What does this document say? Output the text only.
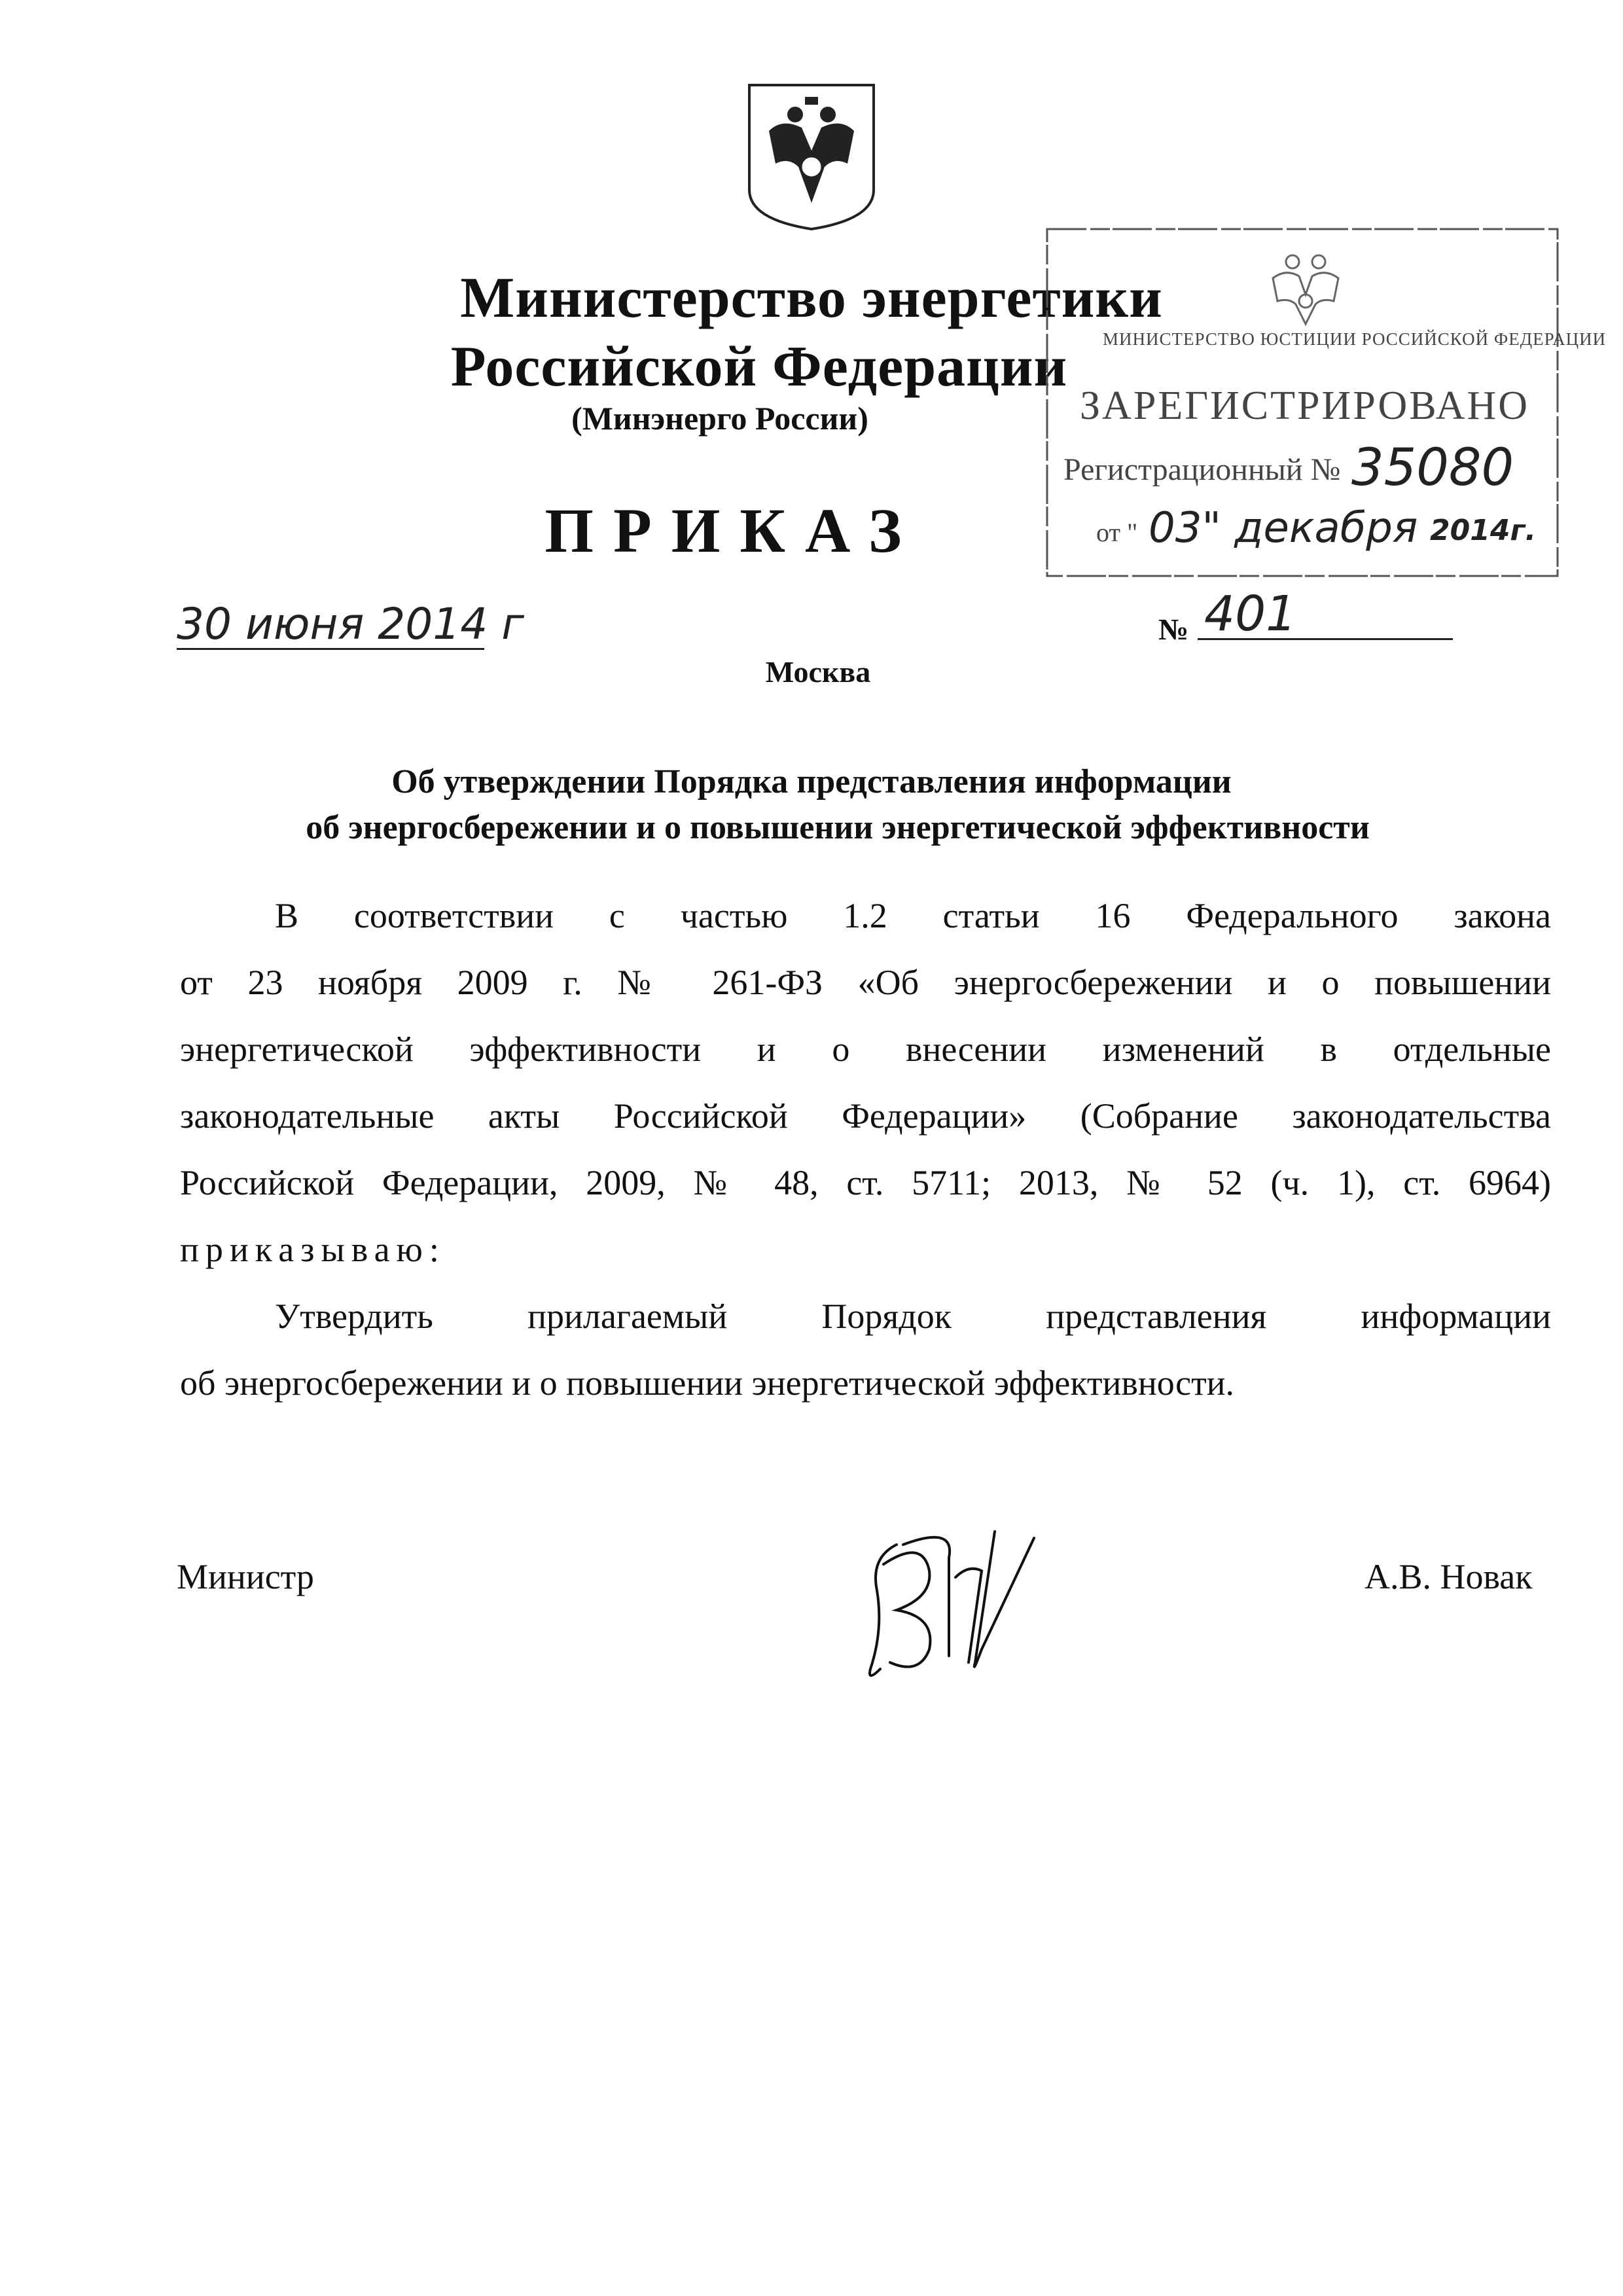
Министерство энергетики
Российской Федерации
(Минэнерго России)
ПРИКАЗ
МИНИСТЕРСТВО ЮСТИЦИИ РОССИЙСКОЙ ФЕДЕРАЦИИ
ЗАРЕГИСТРИРОВАНО
Регистрационный № 35080
от " 03" декабря 2014г.
30 июня 2014 г	№ 401
Москва
Об утверждении Порядка представления информации
об энергосбережении и о повышении энергетической эффективности
В соответствии с частью 1.2 статьи 16 Федерального закона
от 23 ноября 2009 г. № 261-ФЗ «Об энергосбережении и о повышении
энергетической эффективности и о внесении изменений в отдельные
законодательные акты Российской Федерации» (Собрание законодательства
Российской Федерации, 2009, № 48, ст. 5711; 2013, № 52 (ч. 1), ст. 6964)
приказываю:
Утвердить прилагаемый Порядок представления информации
об энергосбережении и о повышении энергетической эффективности.
Министр	А.В. Новак
